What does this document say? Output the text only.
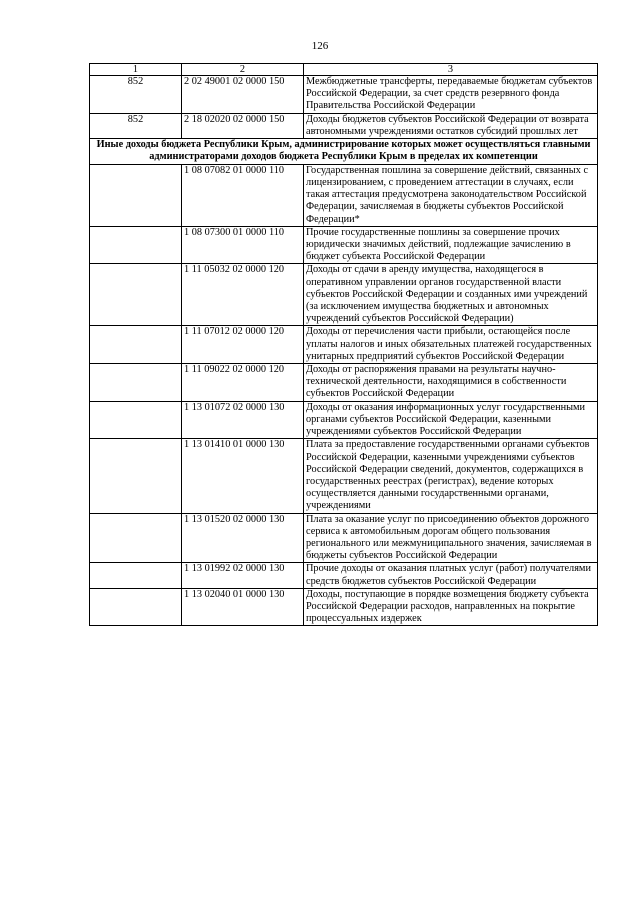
126
1	2	3
852	2 02 49001 02 0000 150	Межбюджетные трансферты, передаваемые бюджетам субъектов Российской Федерации, за счет средств резервного фонда Правительства Российской Федерации
852	2 18 02020 02 0000 150	Доходы бюджетов субъектов Российской Федерации от возврата автономными учреждениями остатков субсидий прошлых лет
Иные доходы бюджета Республики Крым, администрирование которых может осуществляться главными администраторами доходов бюджета Республики Крым в пределах их компетенции		
	1 08 07082 01 0000 110	Государственная пошлина за совершение действий, связанных с лицензированием, с проведением аттестации в случаях, если такая аттестация предусмотрена законодательством Российской Федерации, зачисляемая в бюджеты субъектов Российской Федерации*
	1 08 07300 01 0000 110	Прочие государственные пошлины за совершение прочих юридически значимых действий, подлежащие зачислению в бюджет субъекта Российской Федерации
	1 11 05032 02 0000 120	Доходы от сдачи в аренду имущества, находящегося в оперативном управлении органов государственной власти субъектов Российской Федерации и созданных ими учреждений (за исключением имущества бюджетных и автономных учреждений субъектов Российской Федерации)
	1 11 07012 02 0000 120	Доходы от перечисления части прибыли, остающейся после уплаты налогов и иных обязательных платежей государственных унитарных предприятий субъектов Российской Федерации
	1 11 09022 02 0000 120	Доходы от распоряжения правами на результаты научно-технической деятельности, находящимися в собственности субъектов Российской Федерации
	1 13 01072 02 0000 130	Доходы от оказания информационных услуг государственными органами субъектов Российской Федерации, казенными учреждениями субъектов Российской Федерации
	1 13 01410 01 0000 130	Плата за предоставление государственными органами субъектов Российской Федерации, казенными учреждениями субъектов Российской Федерации сведений, документов, содержащихся в государственных реестрах (регистрах), ведение которых осуществляется данными государственными органами, учреждениями
	1 13 01520 02 0000 130	Плата за оказание услуг по присоединению объектов дорожного сервиса к автомобильным дорогам общего пользования регионального или межмуниципального значения, зачисляемая в бюджеты субъектов Российской Федерации
	1 13 01992 02 0000 130	Прочие доходы от оказания платных услуг (работ) получателями средств бюджетов субъектов Российской Федерации
	1 13 02040 01 0000 130	Доходы, поступающие в порядке возмещения бюджету субъекта Российской Федерации расходов, направленных на покрытие процессуальных издержек
